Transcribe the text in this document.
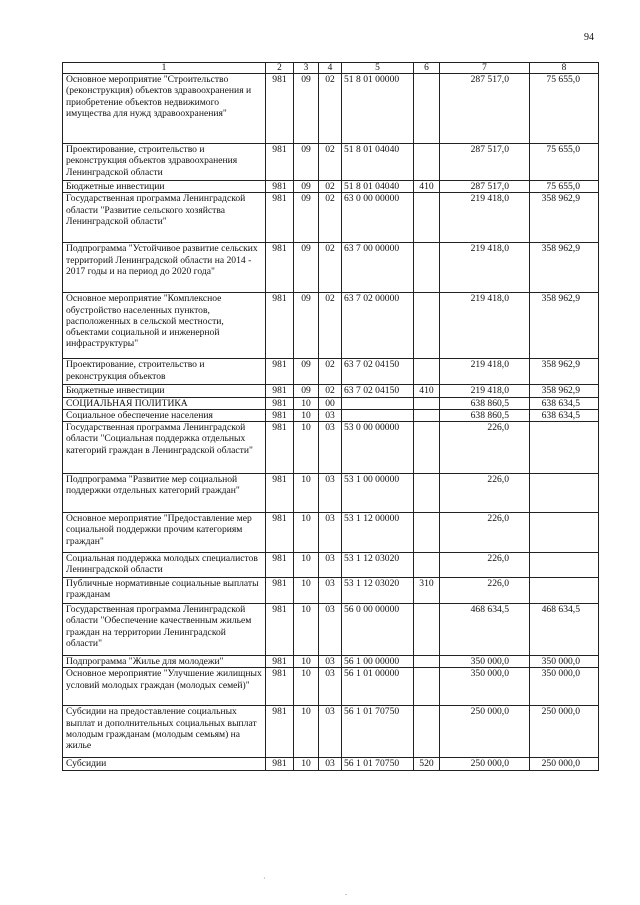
94
1	2	3	4	5	6	7	8
Основное мероприятие "Строительство (реконструкция) объектов здравоохранения и приобретение объектов недвижимого имущества для нужд здравоохранения"	981	09	02	51 8 01 00000		287 517,0	75 655,0
Проектирование, строительство и реконструкция объектов здравоохранения Ленинградской области	981	09	02	51 8 01 04040		287 517,0	75 655,0
Бюджетные инвестиции	981	09	02	51 8 01 04040	410	287 517,0	75 655,0
Государственная программа Ленинградской области "Развитие сельского хозяйства Ленинградской области"	981	09	02	63 0 00 00000		219 418,0	358 962,9
Подпрограмма "Устойчивое развитие сельских территорий Ленинградской области на 2014 - 2017 годы и на период до 2020 года"	981	09	02	63 7 00 00000		219 418,0	358 962,9
Основное мероприятие "Комплексное обустройство населенных пунктов, расположенных в сельской местности, объектами социальной и инженерной инфраструктуры"	981	09	02	63 7 02 00000		219 418,0	358 962,9
Проектирование, строительство и реконструкция объектов	981	09	02	63 7 02 04150		219 418,0	358 962,9
Бюджетные инвестиции	981	09	02	63 7 02 04150	410	219 418,0	358 962,9
СОЦИАЛЬНАЯ ПОЛИТИКА	981	10	00			638 860,5	638 634,5
Социальное обеспечение населения	981	10	03			638 860,5	638 634,5
Государственная программа Ленинградской области "Социальная поддержка отдельных категорий граждан в Ленинградской области"	981	10	03	53 0 00 00000		226,0	
Подпрограмма "Развитие мер социальной поддержки отдельных категорий граждан"	981	10	03	53 1 00 00000		226,0	
Основное мероприятие "Предоставление мер социальной поддержки прочим категориям граждан"	981	10	03	53 1 12 00000		226,0	
Социальная поддержка молодых специалистов Ленинградской области	981	10	03	53 1 12 03020		226,0	
Публичные нормативные социальные выплаты гражданам	981	10	03	53 1 12 03020	310	226,0	
Государственная программа Ленинградской области "Обеспечение качественным жильем граждан на территории Ленинградской области"	981	10	03	56 0 00 00000		468 634,5	468 634,5
Подпрограмма "Жилье для молодежи"	981	10	03	56 1 00 00000		350 000,0	350 000,0
Основное мероприятие "Улучшение жилищных условий молодых граждан (молодых семей)"	981	10	03	56 1 01 00000		350 000,0	350 000,0
Субсидии на предоставление социальных выплат и дополнительных социальных выплат молодым гражданам (молодым семьям) на жилье	981	10	03	56 1 01 70750		250 000,0	250 000,0
Субсидии	981	10	03	56 1 01 70750	520	250 000,0	250 000,0
·
.
